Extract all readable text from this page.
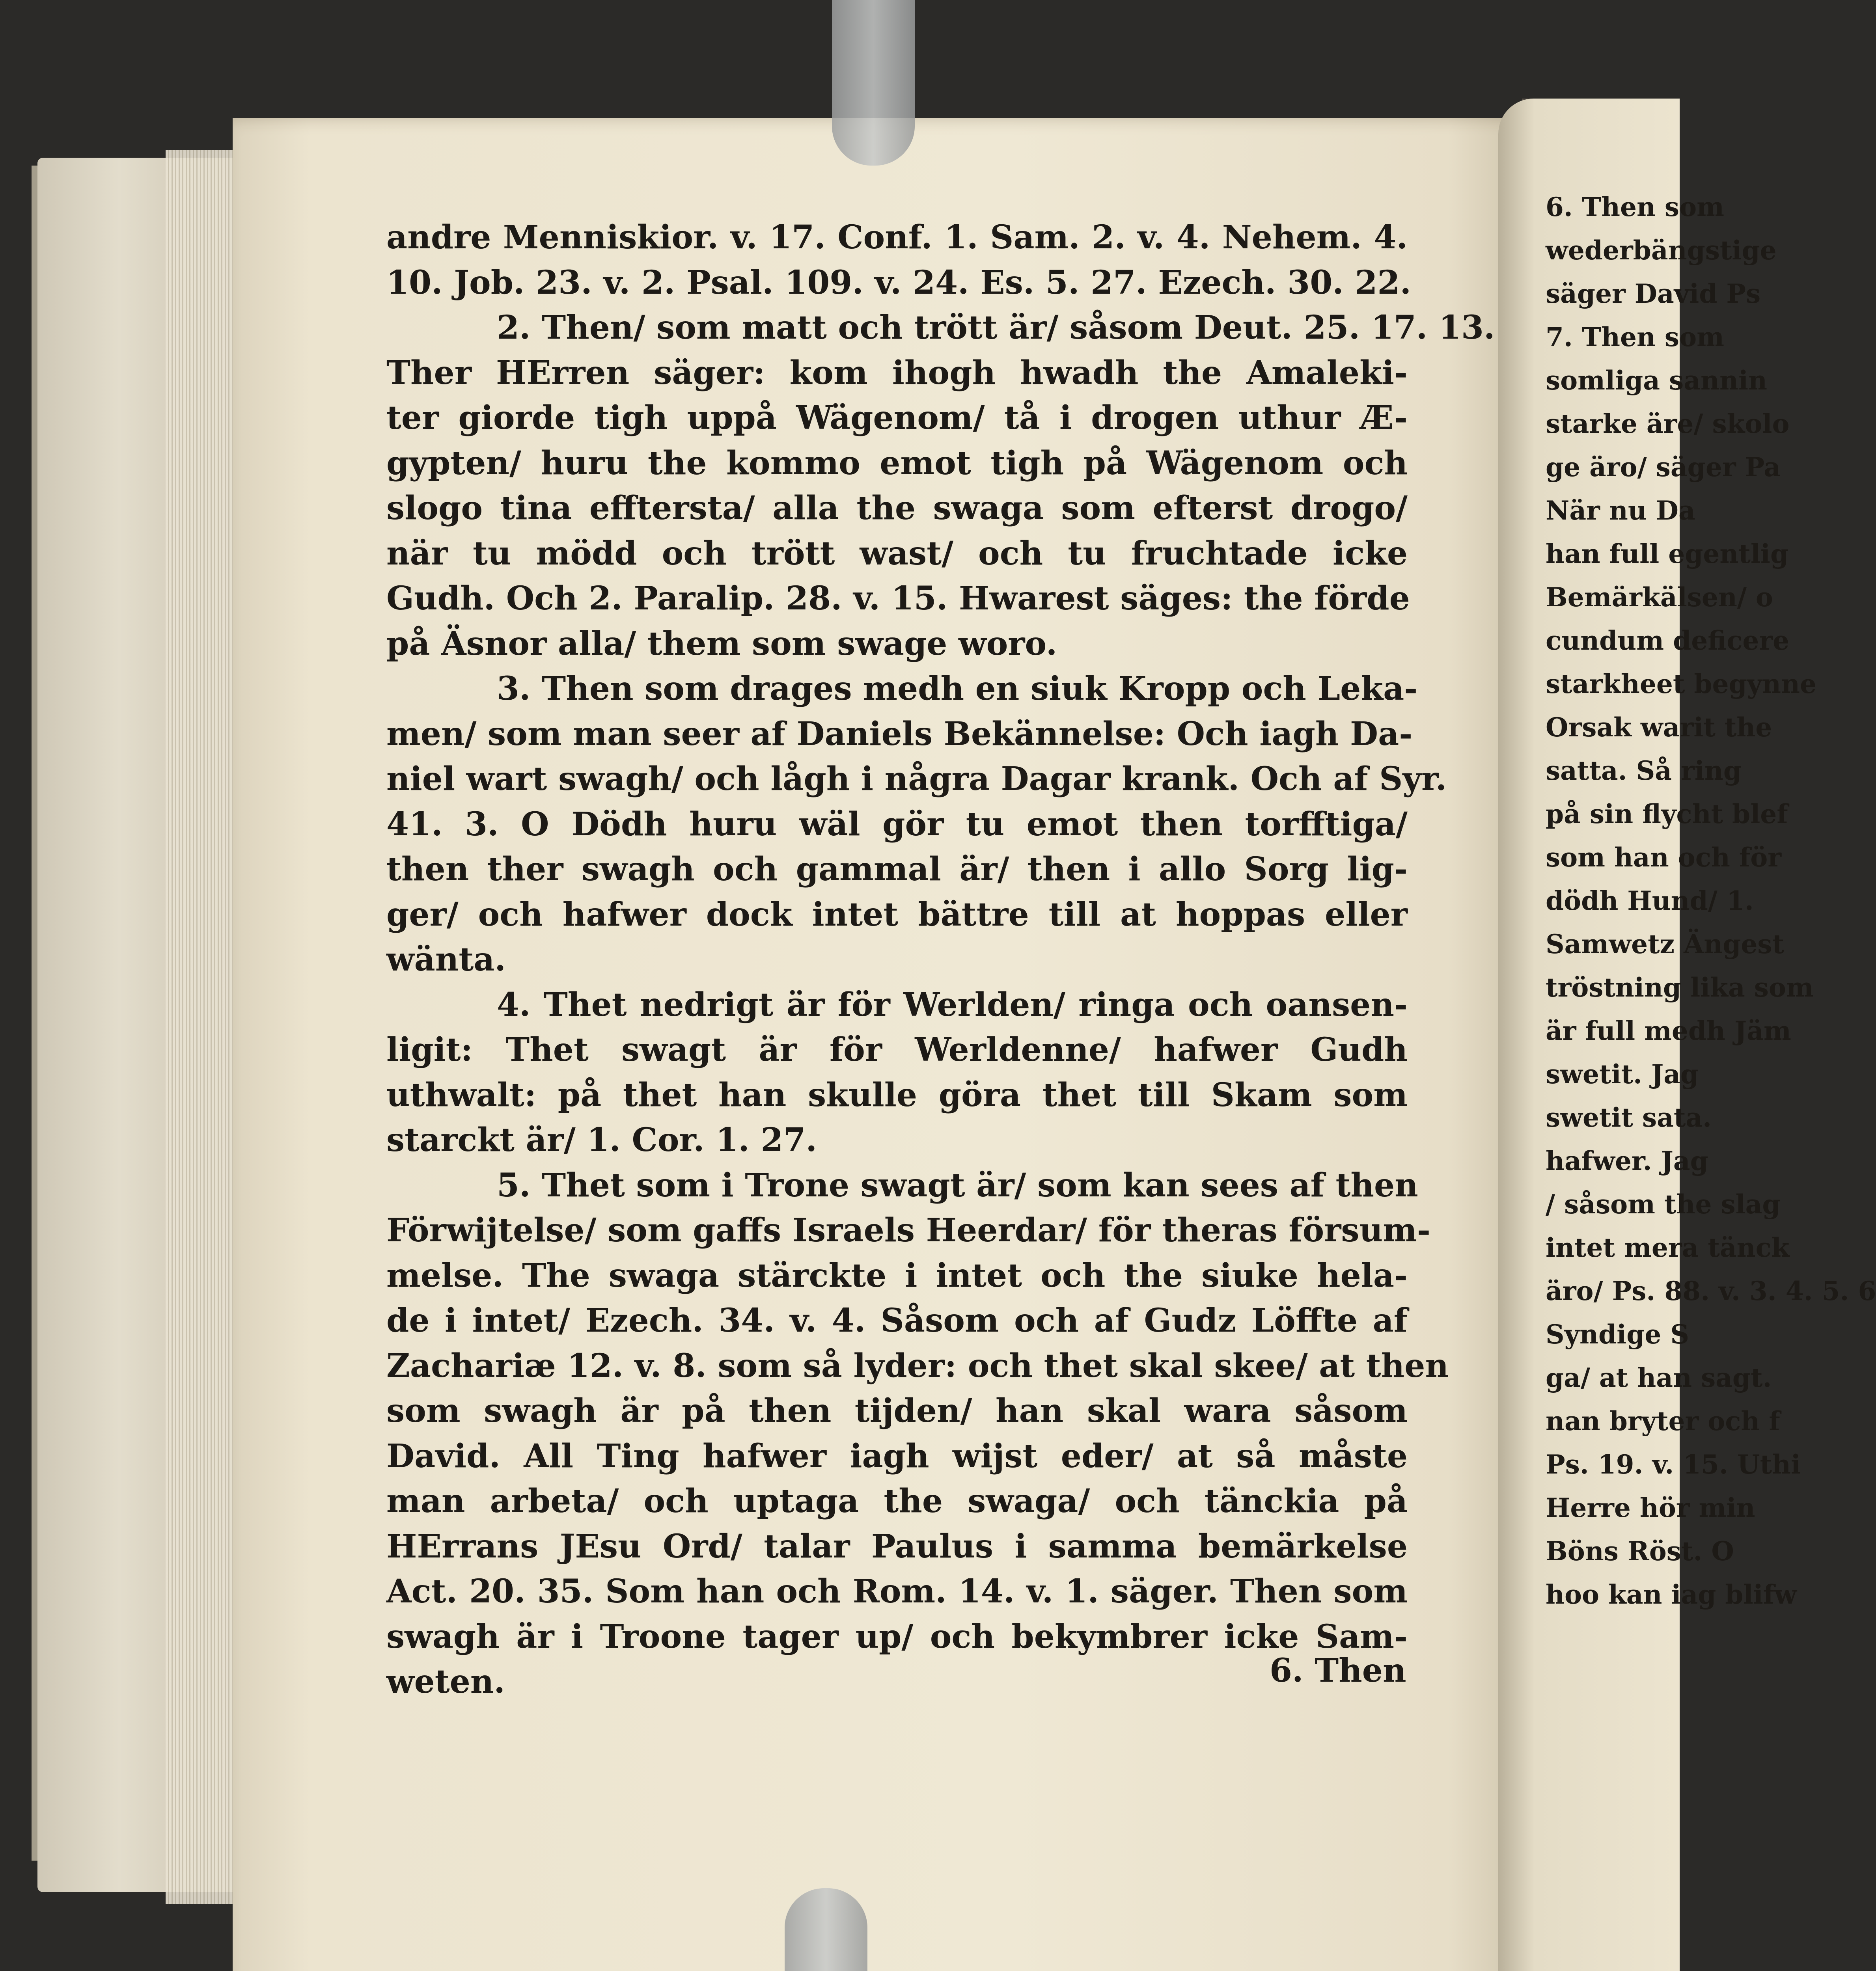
andre Menniskior. v. 17. Conf. 1. Sam. 2. v. 4. Nehem. 4.
10. Job. 23. v. 2. Psal. 109. v. 24. Es. 5. 27. Ezech. 30. 22.
2. Then/ som matt och trött är/ såsom Deut. 25. 17. 13.
Ther HErren säger: kom ihogh hwadh the Amaleki-
ter giorde tigh uppå Wägenom/ tå i drogen uthur Æ-
gypten/ huru the kommo emot tigh på Wägenom och
slogo tina efftersta/ alla the swaga som efterst drogo/
när tu mödd och trött wast/ och tu fruchtade icke
Gudh. Och 2. Paralip. 28. v. 15. Hwarest säges: the förde
på Äsnor alla/ them som swage woro.
3. Then som drages medh en siuk Kropp och Leka-
men/ som man seer af Daniels Bekännelse: Och iagh Da-
niel wart swagh/ och lågh i några Dagar krank. Och af Syr.
41. 3. O Dödh huru wäl gör tu emot then torfftiga/
then ther swagh och gammal är/ then i allo Sorg lig-
ger/ och hafwer dock intet bättre till at hoppas eller
wänta.
4. Thet nedrigt är för Werlden/ ringa och oansen-
ligit: Thet swagt är för Werldenne/ hafwer Gudh
uthwalt: på thet han skulle göra thet till Skam som
starckt är/ 1. Cor. 1. 27.
5. Thet som i Trone swagt är/ som kan sees af then
Förwijtelse/ som gaffs Israels Heerdar/ för theras försum-
melse. The swaga stärckte i intet och the siuke hela-
de i intet/ Ezech. 34. v. 4. Såsom och af Gudz Löffte af
Zachariæ 12. v. 8. som så lyder: och thet skal skee/ at then
som swagh är på then tijden/ han skal wara såsom
David. All Ting hafwer iagh wijst eder/ at så måste
man arbeta/ och uptaga the swaga/ och tänckia på
HErrans JEsu Ord/ talar Paulus i samma bemärkelse
Act. 20. 35. Som han och Rom. 14. v. 1. säger. Then som
swagh är i Troone tager up/ och bekymbrer icke Sam-
weten.	6. Then
6. Then som
wederbängstige
säger David Ps
7. Then som
somliga sannin
starke äre/ skolo
ge äro/ säger Pa
När nu Da
han full egentlig
Bemärkälsen/ o
cundum deficere
starkheet begynne
Orsak warit the
satta. Så ring
på sin flycht blef
som han och för
dödh Hund/ 1.
Samwetz Ängest
tröstning lika som
är full medh Jäm
swetit. Jag
swetit sata.
hafwer. Jag
/ såsom the slag
intet mera tänck
äro/ Ps. 88. v. 3. 4. 5. 6
Syndige S
ga/ at han sagt.
nan bryter och f
Ps. 19. v. 15. Uthi
Herre hör min
Böns Röst. O
hoo kan iag blifw
